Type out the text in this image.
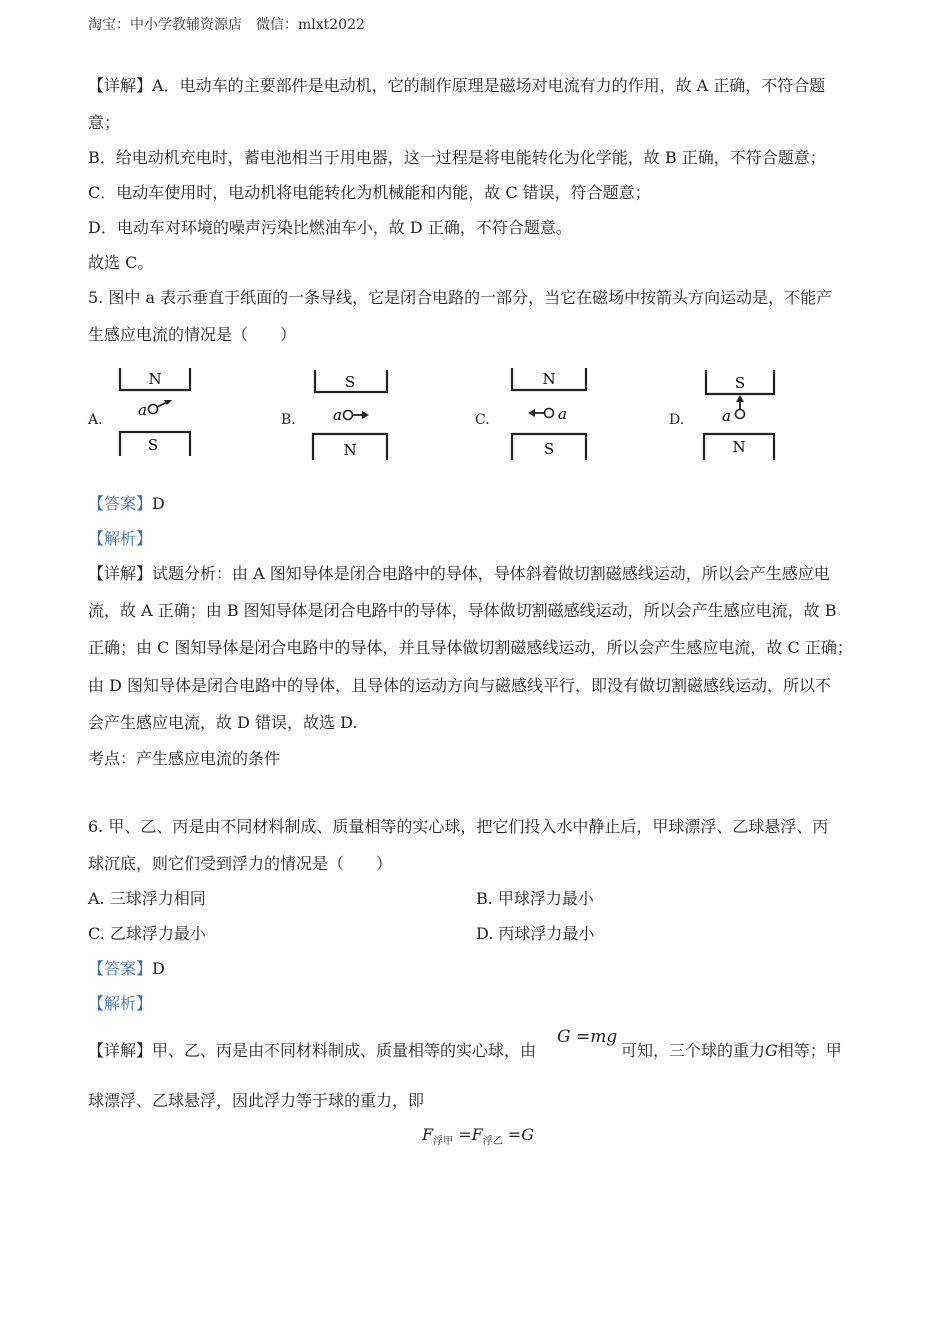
淘宝：中小学教辅资源店　微信：mlxt2022
【详解】A．电动车的主要部件是电动机，它的制作原理是磁场对电流有力的作用，故 A 正确，不符合题
意；
B．给电动机充电时，蓄电池相当于用电器，这一过程是将电能转化为化学能，故 B 正确，不符合题意；
C．电动车使用时，电动机将电能转化为机械能和内能，故 C 错误，符合题意；
D．电动车对环境的噪声污染比燃油车小，故 D 正确，不符合题意。
故选 C。
5. 图中 a 表示垂直于纸面的一条导线，它是闭合电路的一部分，当它在磁场中按箭头方向运动是，不能产
生感应电流的情况是（　　）
A.
N
a
S
B.
S
a
N
C.
N
a
S
D.
S
a
N
【答案】D
【解析】
【详解】试题分析：由 A 图知导体是闭合电路中的导体，导体斜着做切割磁感线运动，所以会产生感应电
流，故 A 正确；由 B 图知导体是闭合电路中的导体，导体做切割磁感线运动，所以会产生感应电流，故 B
正确；由 C 图知导体是闭合电路中的导体，并且导体做切割磁感线运动，所以会产生感应电流，故 C 正确；
由 D 图知导体是闭合电路中的导体，且导体的运动方向与磁感线平行，即没有做切割磁感线运动，所以不
会产生感应电流，故 D 错误，故选 D.
考点：产生感应电流的条件
6. 甲、乙、丙是由不同材料制成、质量相等的实心球，把它们投入水中静止后，甲球漂浮、乙球悬浮、丙
球沉底，则它们受到浮力的情况是（　　）
A. 三球浮力相同	B. 甲球浮力最小
C. 乙球浮力最小	D. 丙球浮力最小
【答案】D
【解析】
【详解】甲、乙、丙是由不同材料制成、质量相等的实心球，由
G =mg
可知，三个球的重力G相等；甲
球漂浮、乙球悬浮，因此浮力等于球的重力，即
$F_{浮甲} =F_{浮乙} =G$
